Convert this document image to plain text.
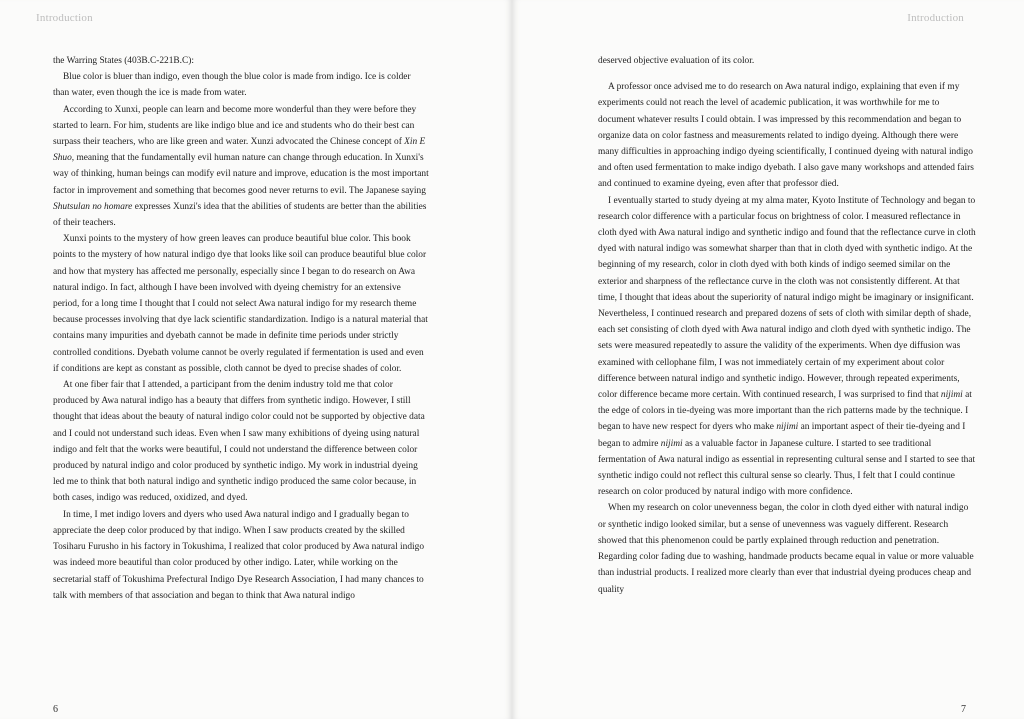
Introduction

the Warring States (403B.C-221B.C):

Blue color is bluer than indigo, even though the blue color is made from indigo. Ice is colder than water, even though the ice is made from water.

According to Xunxi, people can learn and become more wonderful than they were before they started to learn. For him, students are like indigo blue and ice and students who do their best can surpass their teachers, who are like green and water. Xunzi advocated the Chinese concept of Xin E Shuo, meaning that the fundamentally evil human nature can change through education. In Xunxi's way of thinking, human beings can modify evil nature and improve, education is the most important factor in improvement and something that becomes good never returns to evil. The Japanese saying Shutsulan no homare expresses Xunzi's idea that the abilities of students are better than the abilities of their teachers.

Xunxi points to the mystery of how green leaves can produce beautiful blue color. This book points to the mystery of how natural indigo dye that looks like soil can produce beautiful blue color and how that mystery has affected me personally, especially since I began to do research on Awa natural indigo. In fact, although I have been involved with dyeing chemistry for an extensive period, for a long time I thought that I could not select Awa natural indigo for my research theme because processes involving that dye lack scientific standardization. Indigo is a natural material that contains many impurities and dyebath cannot be made in definite time periods under strictly controlled conditions. Dyebath volume cannot be overly regulated if fermentation is used and even if conditions are kept as constant as possible, cloth cannot be dyed to precise shades of color.

At one fiber fair that I attended, a participant from the denim industry told me that color produced by Awa natural indigo has a beauty that differs from synthetic indigo. However, I still thought that ideas about the beauty of natural indigo color could not be supported by objective data and I could not understand such ideas. Even when I saw many exhibitions of dyeing using natural indigo and felt that the works were beautiful, I could not understand the difference between color produced by natural indigo and color produced by synthetic indigo. My work in industrial dyeing led me to think that both natural indigo and synthetic indigo produced the same color because, in both cases, indigo was reduced, oxidized, and dyed.

In time, I met indigo lovers and dyers who used Awa natural indigo and I gradually began to appreciate the deep color produced by that indigo. When I saw products created by the skilled Tosiharu Furusho in his factory in Tokushima, I realized that color produced by Awa natural indigo was indeed more beautiful than color produced by other indigo. Later, while working on the secretarial staff of Tokushima Prefectural Indigo Dye Research Association, I had many chances to talk with members of that association and began to think that Awa natural indigo

6
Introduction

deserved objective evaluation of its color.

A professor once advised me to do research on Awa natural indigo, explaining that even if my experiments could not reach the level of academic publication, it was worthwhile for me to document whatever results I could obtain. I was impressed by this recommendation and began to organize data on color fastness and measurements related to indigo dyeing. Although there were many difficulties in approaching indigo dyeing scientifically, I continued dyeing with natural indigo and often used fermentation to make indigo dyebath. I also gave many workshops and attended fairs and continued to examine dyeing, even after that professor died.

I eventually started to study dyeing at my alma mater, Kyoto Institute of Technology and began to research color difference with a particular focus on brightness of color. I measured reflectance in cloth dyed with Awa natural indigo and synthetic indigo and found that the reflectance curve in cloth dyed with natural indigo was somewhat sharper than that in cloth dyed with synthetic indigo. At the beginning of my research, color in cloth dyed with both kinds of indigo seemed similar on the exterior and sharpness of the reflectance curve in the cloth was not consistently different. At that time, I thought that ideas about the superiority of natural indigo might be imaginary or insignificant. Nevertheless, I continued research and prepared dozens of sets of cloth with similar depth of shade, each set consisting of cloth dyed with Awa natural indigo and cloth dyed with synthetic indigo. The sets were measured repeatedly to assure the validity of the experiments. When dye diffusion was examined with cellophane film, I was not immediately certain of my experiment about color difference between natural indigo and synthetic indigo. However, through repeated experiments, color difference became more certain. With continued research, I was surprised to find that nijimi at the edge of colors in tie-dyeing was more important than the rich patterns made by the technique. I began to have new respect for dyers who make nijimi an important aspect of their tie-dyeing and I began to admire nijimi as a valuable factor in Japanese culture. I started to see traditional fermentation of Awa natural indigo as essential in representing cultural sense and I started to see that synthetic indigo could not reflect this cultural sense so clearly. Thus, I felt that I could continue research on color produced by natural indigo with more confidence.

When my research on color unevenness began, the color in cloth dyed either with natural indigo or synthetic indigo looked similar, but a sense of unevenness was vaguely different. Research showed that this phenomenon could be partly explained through reduction and penetration. Regarding color fading due to washing, handmade products became equal in value or more valuable than industrial products. I realized more clearly than ever that industrial dyeing produces cheap and quality

7
